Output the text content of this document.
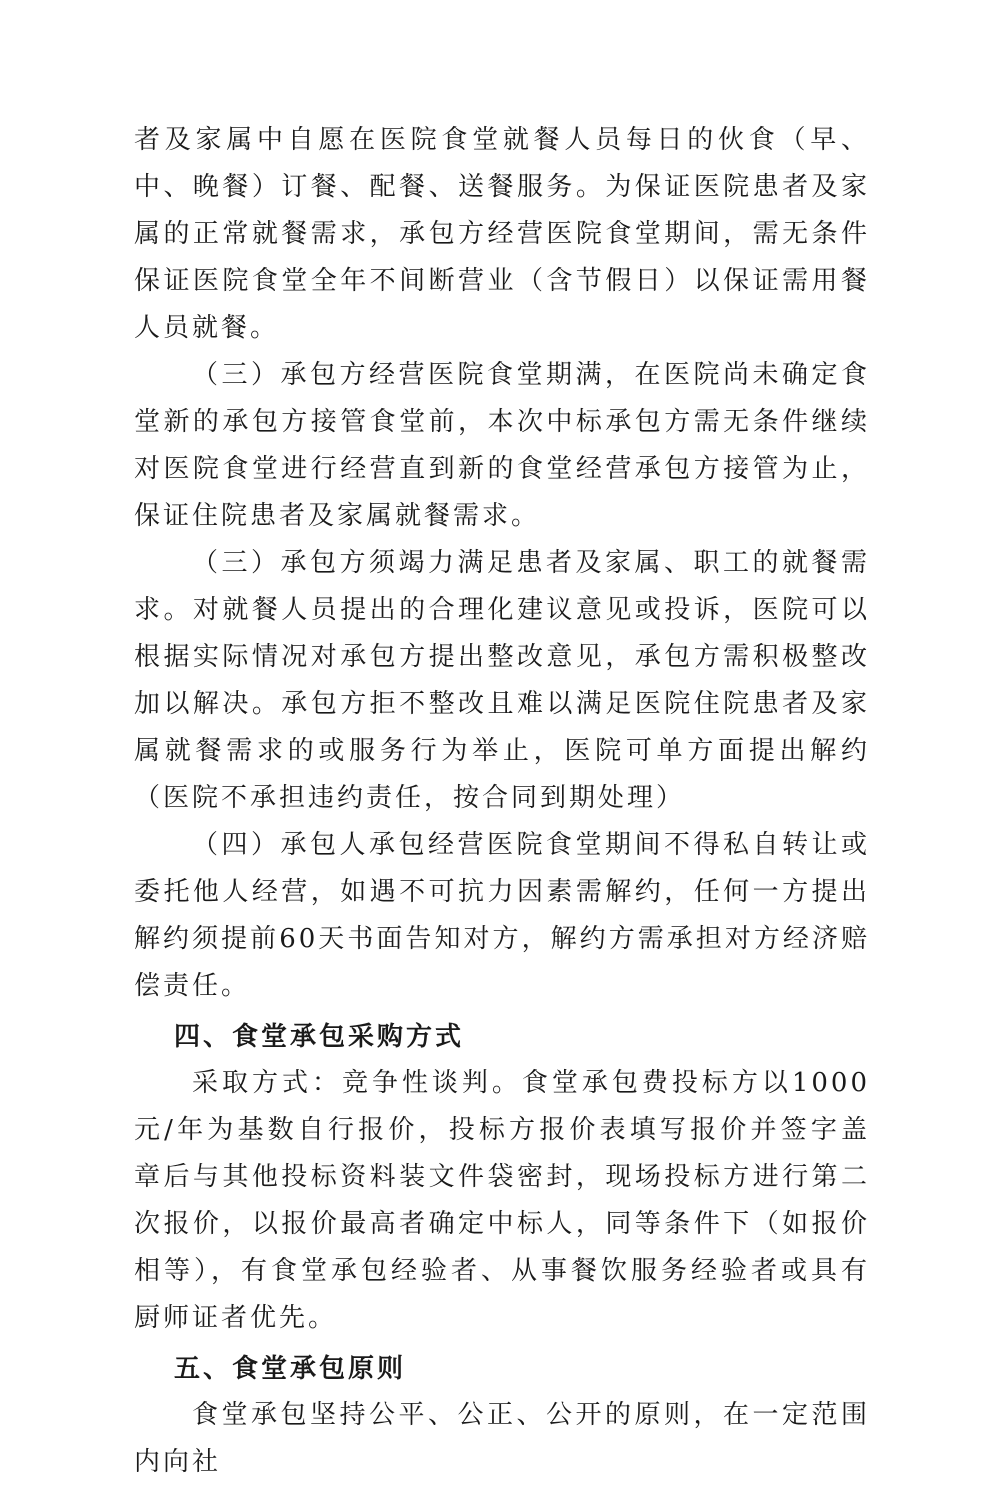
者及家属中自愿在医院食堂就餐人员每日的伙食（早、中、晚餐）订餐、配餐、送餐服务。为保证医院患者及家属的正常就餐需求，承包方经营医院食堂期间，需无条件保证医院食堂全年不间断营业（含节假日）以保证需用餐人员就餐。

（三）承包方经营医院食堂期满，在医院尚未确定食堂新的承包方接管食堂前，本次中标承包方需无条件继续对医院食堂进行经营直到新的食堂经营承包方接管为止，保证住院患者及家属就餐需求。

（三）承包方须竭力满足患者及家属、职工的就餐需求。对就餐人员提出的合理化建议意见或投诉，医院可以根据实际情况对承包方提出整改意见，承包方需积极整改加以解决。承包方拒不整改且难以满足医院住院患者及家属就餐需求的或服务行为举止，医院可单方面提出解约（医院不承担违约责任，按合同到期处理）

（四）承包人承包经营医院食堂期间不得私自转让或委托他人经营，如遇不可抗力因素需解约，任何一方提出解约须提前60天书面告知对方，解约方需承担对方经济赔偿责任。

四、食堂承包采购方式

采取方式：竞争性谈判。食堂承包费投标方以1000元/年为基数自行报价，投标方报价表填写报价并签字盖章后与其他投标资料装文件袋密封，现场投标方进行第二次报价，以报价最高者确定中标人，同等条件下（如报价相等），有食堂承包经验者、从事餐饮服务经验者或具有厨师证者优先。

五、食堂承包原则

食堂承包坚持公平、公正、公开的原则，在一定范围内向社
